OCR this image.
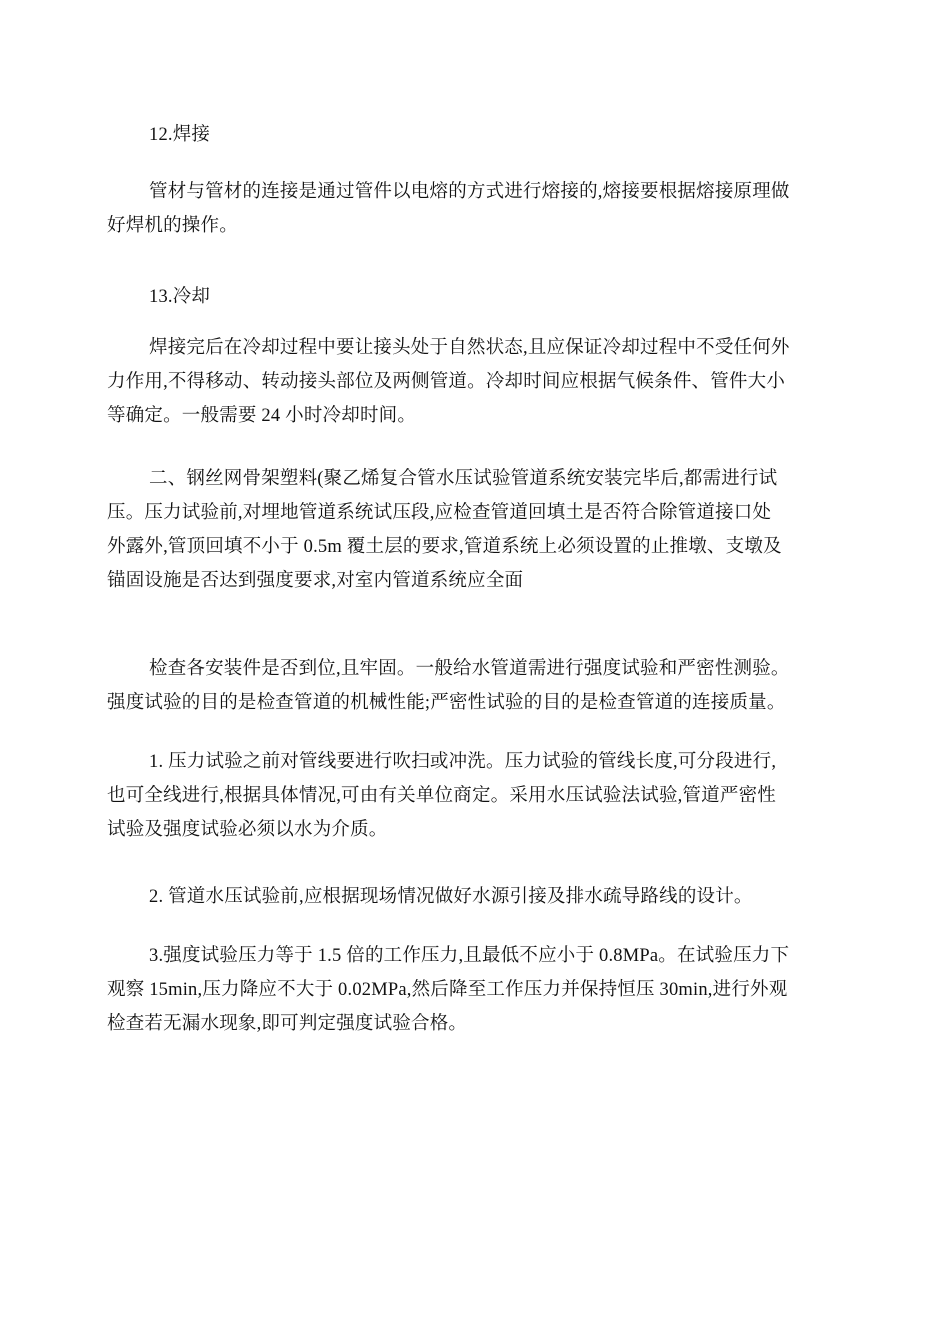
12.焊接

管材与管材的连接是通过管件以电熔的方式进行熔接的,熔接要根据熔接原理做
好焊机的操作。

13.冷却

焊接完后在冷却过程中要让接头处于自然状态,且应保证冷却过程中不受任何外
力作用,不得移动、转动接头部位及两侧管道。冷却时间应根据气候条件、管件大小
等确定。一般需要 24 小时冷却时间。
二、钢丝网骨架塑料(聚乙烯复合管水压试验管道系统安装完毕后,都需进行试
压。压力试验前,对埋地管道系统试压段,应检查管道回填土是否符合除管道接口处
外露外,管顶回填不小于 0.5m 覆土层的要求,管道系统上必须设置的止推墩、支墩及
锚固设施是否达到强度要求,对室内管道系统应全面
检查各安装件是否到位,且牢固。一般给水管道需进行强度试验和严密性测验。
强度试验的目的是检查管道的机械性能;严密性试验的目的是检查管道的连接质量。
1. 压力试验之前对管线要进行吹扫或冲洗。压力试验的管线长度,可分段进行,
也可全线进行,根据具体情况,可由有关单位商定。采用水压试验法试验,管道严密性
试验及强度试验必须以水为介质。
2. 管道水压试验前,应根据现场情况做好水源引接及排水疏导路线的设计。
3.强度试验压力等于 1.5 倍的工作压力,且最低不应小于 0.8MPa。在试验压力下
观察 15min,压力降应不大于 0.02MPa,然后降至工作压力并保持恒压 30min,进行外观
检查若无漏水现象,即可判定强度试验合格。
